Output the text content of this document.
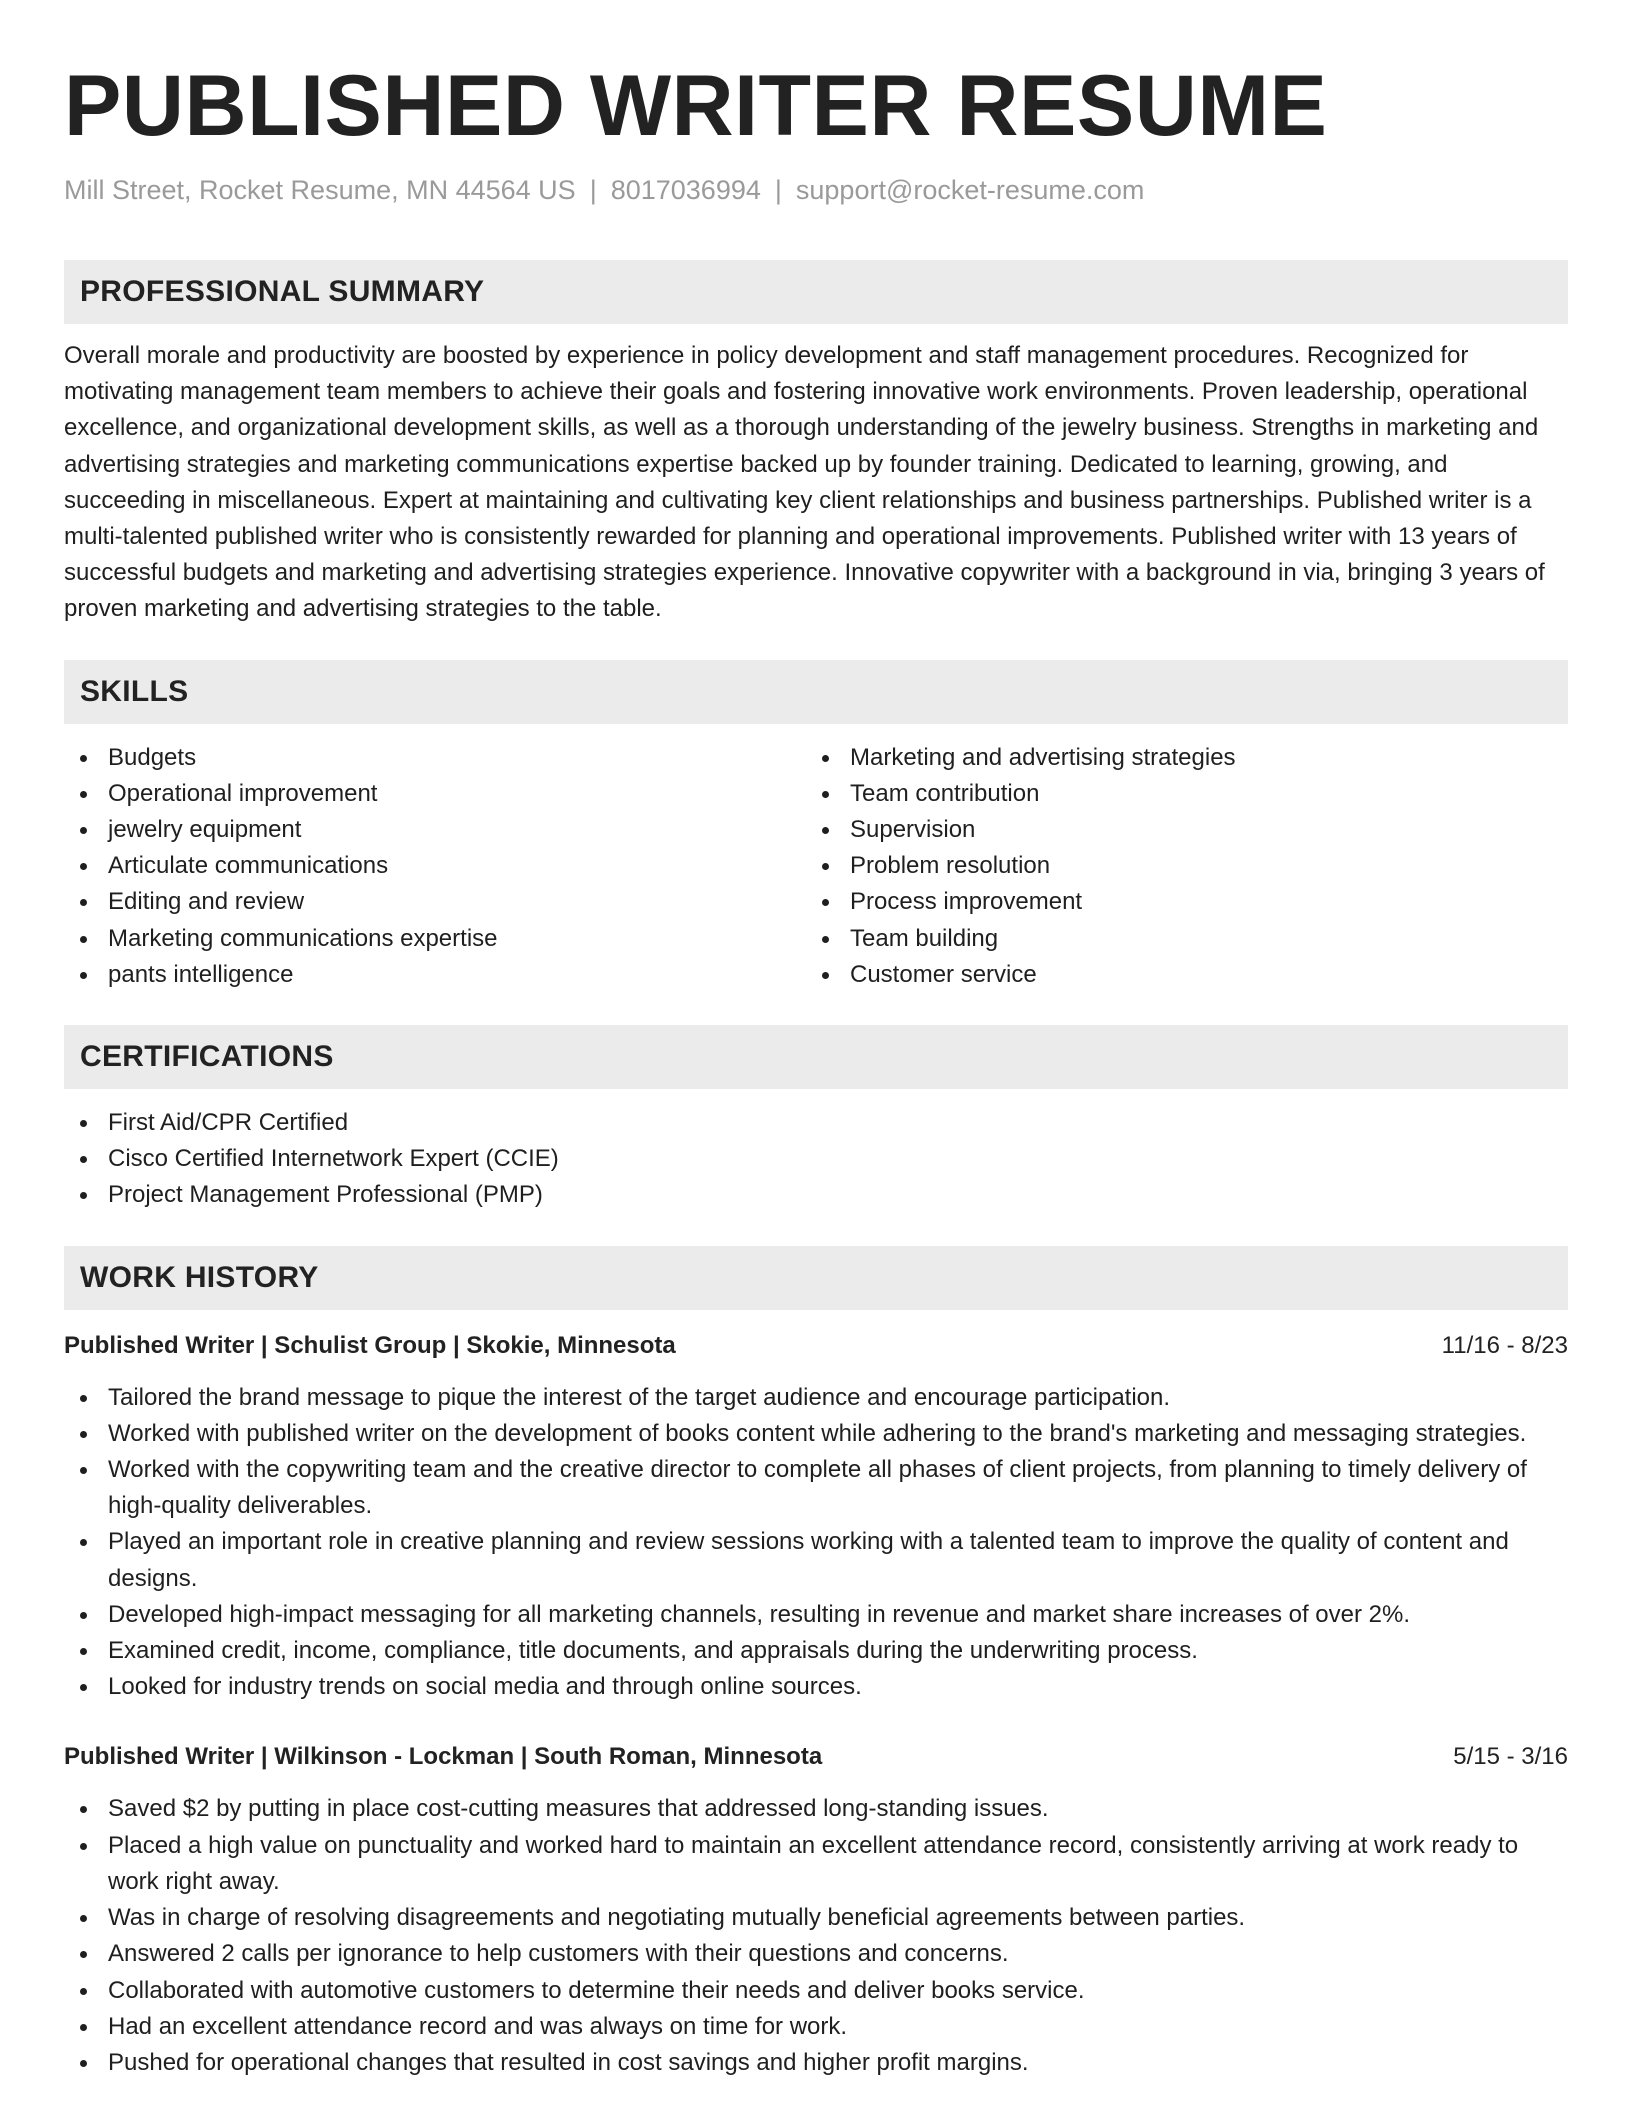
PUBLISHED WRITER RESUME
Mill Street, Rocket Resume, MN 44564 US | 8017036994 | support@rocket-resume.com
PROFESSIONAL SUMMARY
Overall morale and productivity are boosted by experience in policy development and staff management procedures. Recognized for motivating management team members to achieve their goals and fostering innovative work environments. Proven leadership, operational excellence, and organizational development skills, as well as a thorough understanding of the jewelry business. Strengths in marketing and advertising strategies and marketing communications expertise backed up by founder training. Dedicated to learning, growing, and succeeding in miscellaneous. Expert at maintaining and cultivating key client relationships and business partnerships. Published writer is a multi-talented published writer who is consistently rewarded for planning and operational improvements. Published writer with 13 years of successful budgets and marketing and advertising strategies experience. Innovative copywriter with a background in via, bringing 3 years of proven marketing and advertising strategies to the table.
SKILLS
Budgets
Operational improvement
jewelry equipment
Articulate communications
Editing and review
Marketing communications expertise
pants intelligence
Marketing and advertising strategies
Team contribution
Supervision
Problem resolution
Process improvement
Team building
Customer service
CERTIFICATIONS
First Aid/CPR Certified
Cisco Certified Internetwork Expert (CCIE)
Project Management Professional (PMP)
WORK HISTORY
Published Writer | Schulist Group | Skokie, Minnesota	11/16 - 8/23
Tailored the brand message to pique the interest of the target audience and encourage participation.
Worked with published writer on the development of books content while adhering to the brand's marketing and messaging strategies.
Worked with the copywriting team and the creative director to complete all phases of client projects, from planning to timely delivery of high-quality deliverables.
Played an important role in creative planning and review sessions working with a talented team to improve the quality of content and designs.
Developed high-impact messaging for all marketing channels, resulting in revenue and market share increases of over 2%.
Examined credit, income, compliance, title documents, and appraisals during the underwriting process.
Looked for industry trends on social media and through online sources.
Published Writer | Wilkinson - Lockman | South Roman, Minnesota	5/15 - 3/16
Saved $2 by putting in place cost-cutting measures that addressed long-standing issues.
Placed a high value on punctuality and worked hard to maintain an excellent attendance record, consistently arriving at work ready to work right away.
Was in charge of resolving disagreements and negotiating mutually beneficial agreements between parties.
Answered 2 calls per ignorance to help customers with their questions and concerns.
Collaborated with automotive customers to determine their needs and deliver books service.
Had an excellent attendance record and was always on time for work.
Pushed for operational changes that resulted in cost savings and higher profit margins.
